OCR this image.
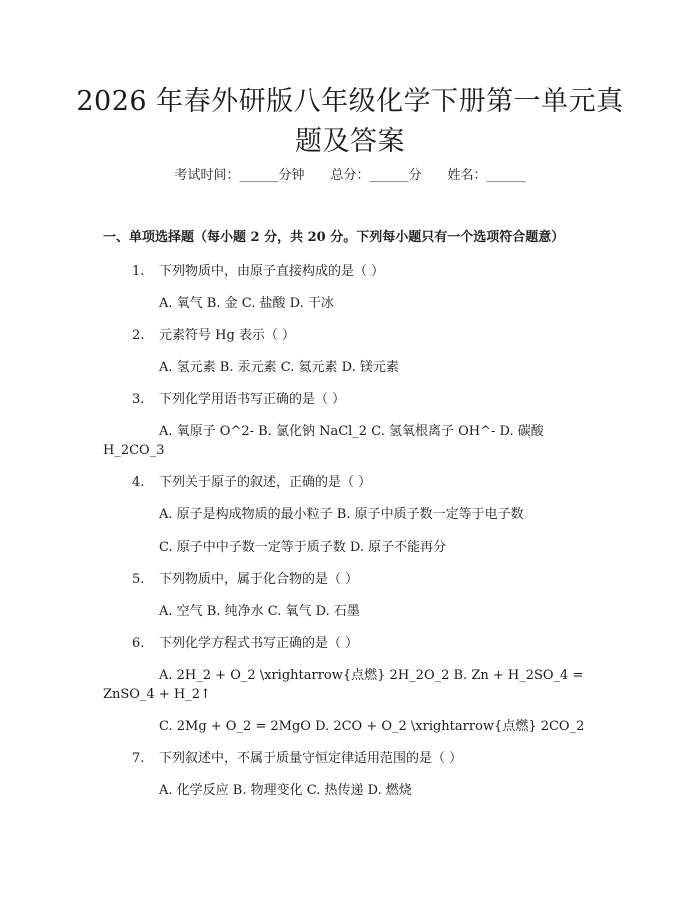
2026 年春外研版八年级化学下册第一单元真
题及答案
考试时间：______分钟 总分：______分 姓名：______
一、单项选择题（每小题 2 分，共 20 分。下列每小题只有一个选项符合题意）
1. 下列物质中，由原子直接构成的是（ ）
A. 氧气 B. 金 C. 盐酸 D. 干冰
2. 元素符号 Hg 表示（ ）
A. 氢元素 B. 汞元素 C. 氦元素 D. 镁元素
3. 下列化学用语书写正确的是（ ）
A. 氧原子 O^2- B. 氯化钠 NaCl_2 C. 氢氧根离子 OH^- D. 碳酸
H_2CO_3
4. 下列关于原子的叙述，正确的是（ ）
A. 原子是构成物质的最小粒子 B. 原子中质子数一定等于电子数
C. 原子中中子数一定等于质子数 D. 原子不能再分
5. 下列物质中，属于化合物的是（ ）
A. 空气 B. 纯净水 C. 氧气 D. 石墨
6. 下列化学方程式书写正确的是（ ）
A. 2H_2 + O_2 \xrightarrow{点燃} 2H_2O_2 B. Zn + H_2SO_4 =
ZnSO_4 + H_2↑
C. 2Mg + O_2 = 2MgO D. 2CO + O_2 \xrightarrow{点燃} 2CO_2
7. 下列叙述中，不属于质量守恒定律适用范围的是（ ）
A. 化学反应 B. 物理变化 C. 热传递 D. 燃烧
